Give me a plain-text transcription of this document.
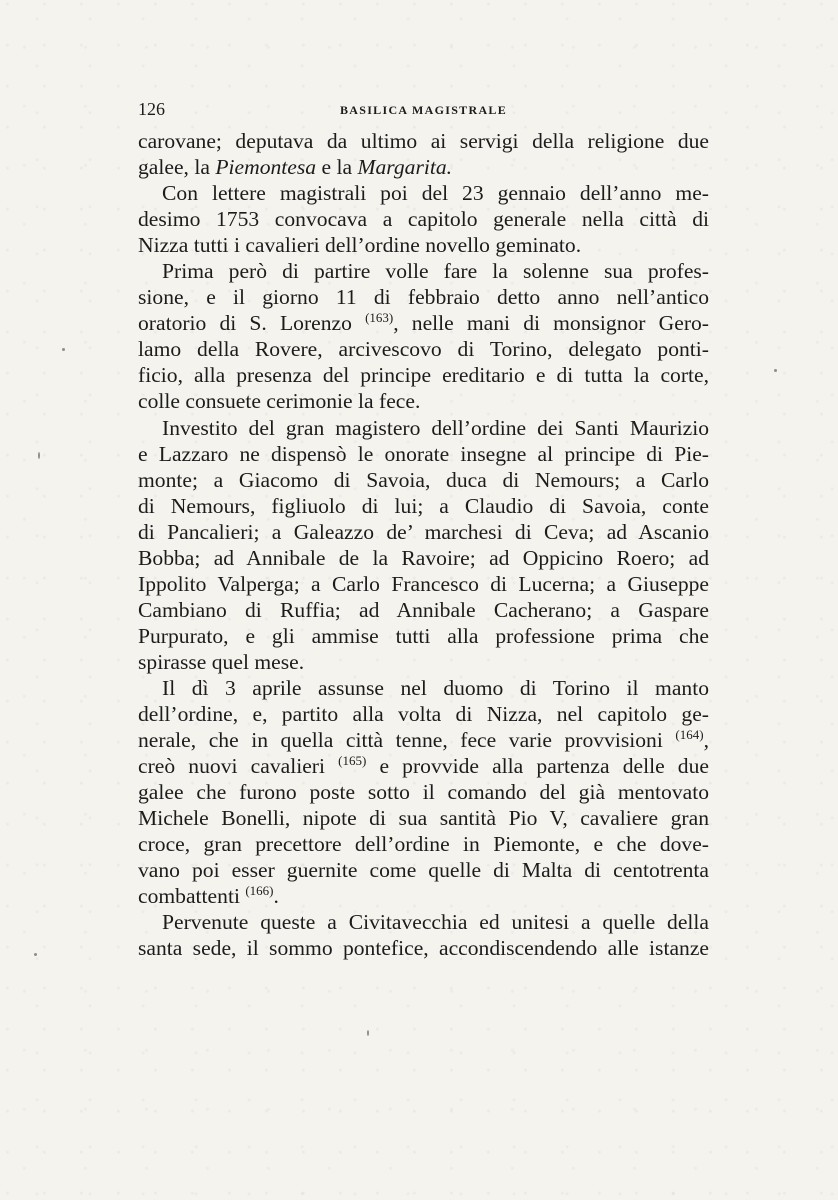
126	BASILICA MAGISTRALE
carovane; deputava da ultimo ai servigi della religione due
galee, la Piemontesa e la Margarita.
Con lettere magistrali poi del 23 gennaio dell’anno me-
desimo 1753 convocava a capitolo generale nella città di
Nizza tutti i cavalieri dell’ordine novello geminato.
Prima però di partire volle fare la solenne sua profes-
sione, e il giorno 11 di febbraio detto anno nell’antico
oratorio di S. Lorenzo $^{(163)}$, nelle mani di monsignor Gero-
lamo della Rovere, arcivescovo di Torino, delegato ponti-
ficio, alla presenza del principe ereditario e di tutta la corte,
colle consuete cerimonie la fece.
Investito del gran magistero dell’ordine dei Santi Maurizio
e Lazzaro ne dispensò le onorate insegne al principe di Pie-
monte; a Giacomo di Savoia, duca di Nemours; a Carlo
di Nemours, figliuolo di lui; a Claudio di Savoia, conte
di Pancalieri; a Galeazzo de’ marchesi di Ceva; ad Ascanio
Bobba; ad Annibale de la Ravoire; ad Oppicino Roero; ad
Ippolito Valperga; a Carlo Francesco di Lucerna; a Giuseppe
Cambiano di Ruffia; ad Annibale Cacherano; a Gaspare
Purpurato, e gli ammise tutti alla professione prima che
spirasse quel mese.
Il dì 3 aprile assunse nel duomo di Torino il manto
dell’ordine, e, partito alla volta di Nizza, nel capitolo ge-
nerale, che in quella città tenne, fece varie provvisioni $^{(164)}$,
creò nuovi cavalieri $^{(165)}$ e provvide alla partenza delle due
galee che furono poste sotto il comando del già mentovato
Michele Bonelli, nipote di sua santità Pio V, cavaliere gran
croce, gran precettore dell’ordine in Piemonte, e che dove-
vano poi esser guernite come quelle di Malta di centotrenta
combattenti $^{(166)}$.
Pervenute queste a Civitavecchia ed unitesi a quelle della
santa sede, il sommo pontefice, accondiscendendo alle istanze
